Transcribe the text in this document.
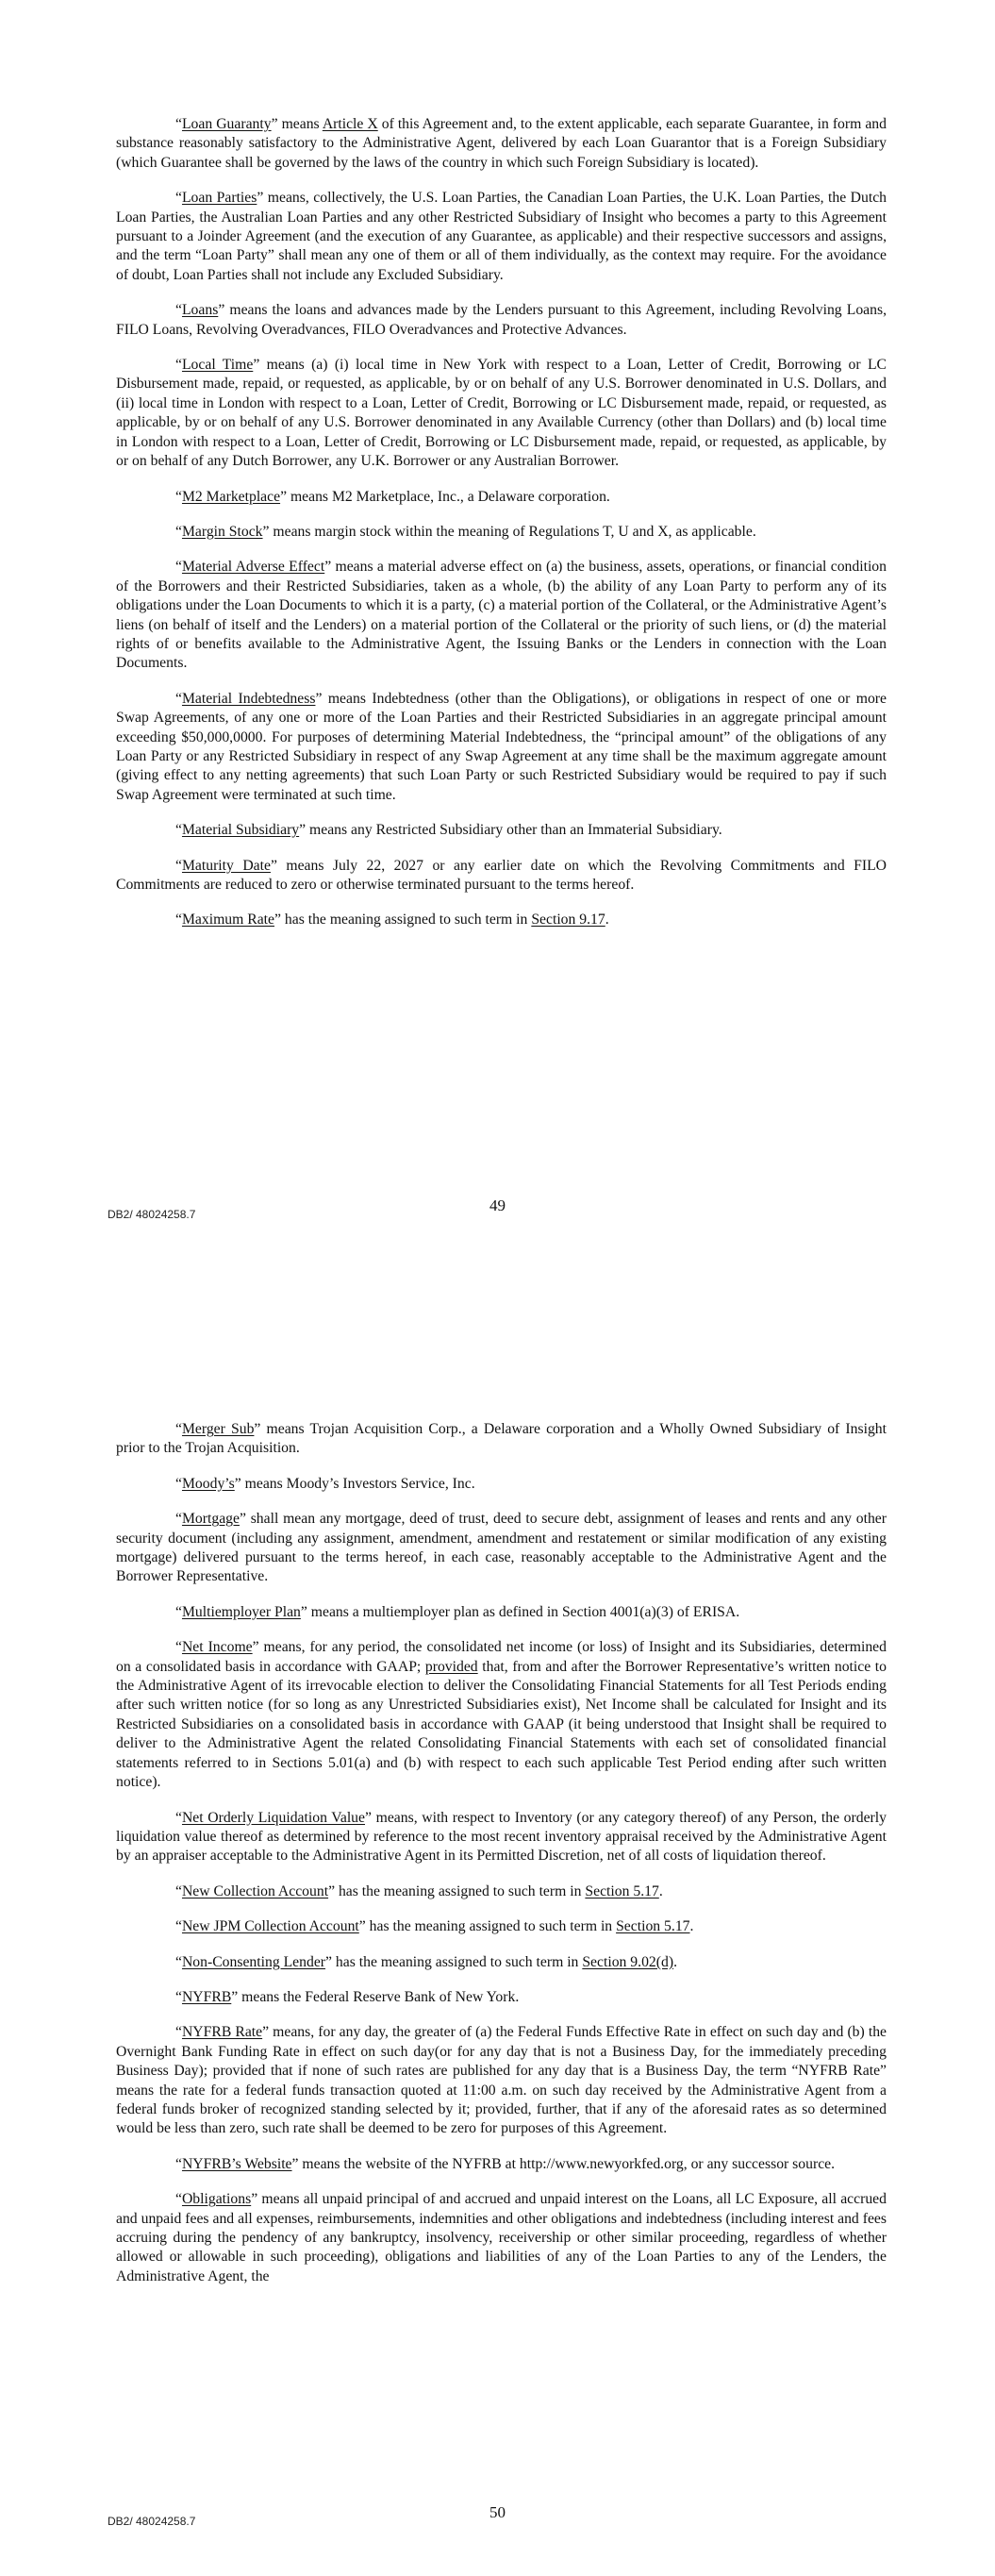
“Loan Guaranty” means Article X of this Agreement and, to the extent applicable, each separate Guarantee, in form and substance reasonably satisfactory to the Administrative Agent, delivered by each Loan Guarantor that is a Foreign Subsidiary (which Guarantee shall be governed by the laws of the country in which such Foreign Subsidiary is located).

“Loan Parties” means, collectively, the U.S. Loan Parties, the Canadian Loan Parties, the U.K. Loan Parties, the Dutch Loan Parties, the Australian Loan Parties and any other Restricted Subsidiary of Insight who becomes a party to this Agreement pursuant to a Joinder Agreement (and the execution of any Guarantee, as applicable) and their respective successors and assigns, and the term “Loan Party” shall mean any one of them or all of them individually, as the context may require. For the avoidance of doubt, Loan Parties shall not include any Excluded Subsidiary.

“Loans” means the loans and advances made by the Lenders pursuant to this Agreement, including Revolving Loans, FILO Loans, Revolving Overadvances, FILO Overadvances and Protective Advances.

“Local Time” means (a) (i) local time in New York with respect to a Loan, Letter of Credit, Borrowing or LC Disbursement made, repaid, or requested, as applicable, by or on behalf of any U.S. Borrower denominated in U.S. Dollars, and (ii) local time in London with respect to a Loan, Letter of Credit, Borrowing or LC Disbursement made, repaid, or requested, as applicable, by or on behalf of any U.S. Borrower denominated in any Available Currency (other than Dollars) and (b) local time in London with respect to a Loan, Letter of Credit, Borrowing or LC Disbursement made, repaid, or requested, as applicable, by or on behalf of any Dutch Borrower, any U.K. Borrower or any Australian Borrower.

“M2 Marketplace” means M2 Marketplace, Inc., a Delaware corporation.

“Margin Stock” means margin stock within the meaning of Regulations T, U and X, as applicable.

“Material Adverse Effect” means a material adverse effect on (a) the business, assets, operations, or financial condition of the Borrowers and their Restricted Subsidiaries, taken as a whole, (b) the ability of any Loan Party to perform any of its obligations under the Loan Documents to which it is a party, (c) a material portion of the Collateral, or the Administrative Agent’s liens (on behalf of itself and the Lenders) on a material portion of the Collateral or the priority of such liens, or (d) the material rights of or benefits available to the Administrative Agent, the Issuing Banks or the Lenders in connection with the Loan Documents.

“Material Indebtedness” means Indebtedness (other than the Obligations), or obligations in respect of one or more Swap Agreements, of any one or more of the Loan Parties and their Restricted Subsidiaries in an aggregate principal amount exceeding $50,000,0000. For purposes of determining Material Indebtedness, the “principal amount” of the obligations of any Loan Party or any Restricted Subsidiary in respect of any Swap Agreement at any time shall be the maximum aggregate amount (giving effect to any netting agreements) that such Loan Party or such Restricted Subsidiary would be required to pay if such Swap Agreement were terminated at such time.

“Material Subsidiary” means any Restricted Subsidiary other than an Immaterial Subsidiary.

“Maturity Date” means July 22, 2027 or any earlier date on which the Revolving Commitments and FILO Commitments are reduced to zero or otherwise terminated pursuant to the terms hereof.

“Maximum Rate” has the meaning assigned to such term in Section 9.17.

DB2/ 48024258.7	49

“Merger Sub” means Trojan Acquisition Corp., a Delaware corporation and a Wholly Owned Subsidiary of Insight prior to the Trojan Acquisition.

“Moody’s” means Moody’s Investors Service, Inc.

“Mortgage” shall mean any mortgage, deed of trust, deed to secure debt, assignment of leases and rents and any other security document (including any assignment, amendment, amendment and restatement or similar modification of any existing mortgage) delivered pursuant to the terms hereof, in each case, reasonably acceptable to the Administrative Agent and the Borrower Representative.

“Multiemployer Plan” means a multiemployer plan as defined in Section 4001(a)(3) of ERISA.

“Net Income” means, for any period, the consolidated net income (or loss) of Insight and its Subsidiaries, determined on a consolidated basis in accordance with GAAP; provided that, from and after the Borrower Representative’s written notice to the Administrative Agent of its irrevocable election to deliver the Consolidating Financial Statements for all Test Periods ending after such written notice (for so long as any Unrestricted Subsidiaries exist), Net Income shall be calculated for Insight and its Restricted Subsidiaries on a consolidated basis in accordance with GAAP (it being understood that Insight shall be required to deliver to the Administrative Agent the related Consolidating Financial Statements with each set of consolidated financial statements referred to in Sections 5.01(a) and (b) with respect to each such applicable Test Period ending after such written notice).

“Net Orderly Liquidation Value” means, with respect to Inventory (or any category thereof) of any Person, the orderly liquidation value thereof as determined by reference to the most recent inventory appraisal received by the Administrative Agent by an appraiser acceptable to the Administrative Agent in its Permitted Discretion, net of all costs of liquidation thereof.

“New Collection Account” has the meaning assigned to such term in Section 5.17.

“New JPM Collection Account” has the meaning assigned to such term in Section 5.17.

“Non-Consenting Lender” has the meaning assigned to such term in Section 9.02(d).

“NYFRB” means the Federal Reserve Bank of New York.

“NYFRB Rate” means, for any day, the greater of (a) the Federal Funds Effective Rate in effect on such day and (b) the Overnight Bank Funding Rate in effect on such day(or for any day that is not a Business Day, for the immediately preceding Business Day); provided that if none of such rates are published for any day that is a Business Day, the term “NYFRB Rate” means the rate for a federal funds transaction quoted at 11:00 a.m. on such day received by the Administrative Agent from a federal funds broker of recognized standing selected by it; provided, further, that if any of the aforesaid rates as so determined would be less than zero, such rate shall be deemed to be zero for purposes of this Agreement.

“NYFRB’s Website” means the website of the NYFRB at http://www.newyorkfed.org, or any successor source.

“Obligations” means all unpaid principal of and accrued and unpaid interest on the Loans, all LC Exposure, all accrued and unpaid fees and all expenses, reimbursements, indemnities and other obligations and indebtedness (including interest and fees accruing during the pendency of any bankruptcy, insolvency, receivership or other similar proceeding, regardless of whether allowed or allowable in such proceeding), obligations and liabilities of any of the Loan Parties to any of the Lenders, the Administrative Agent, the

DB2/ 48024258.7	50
